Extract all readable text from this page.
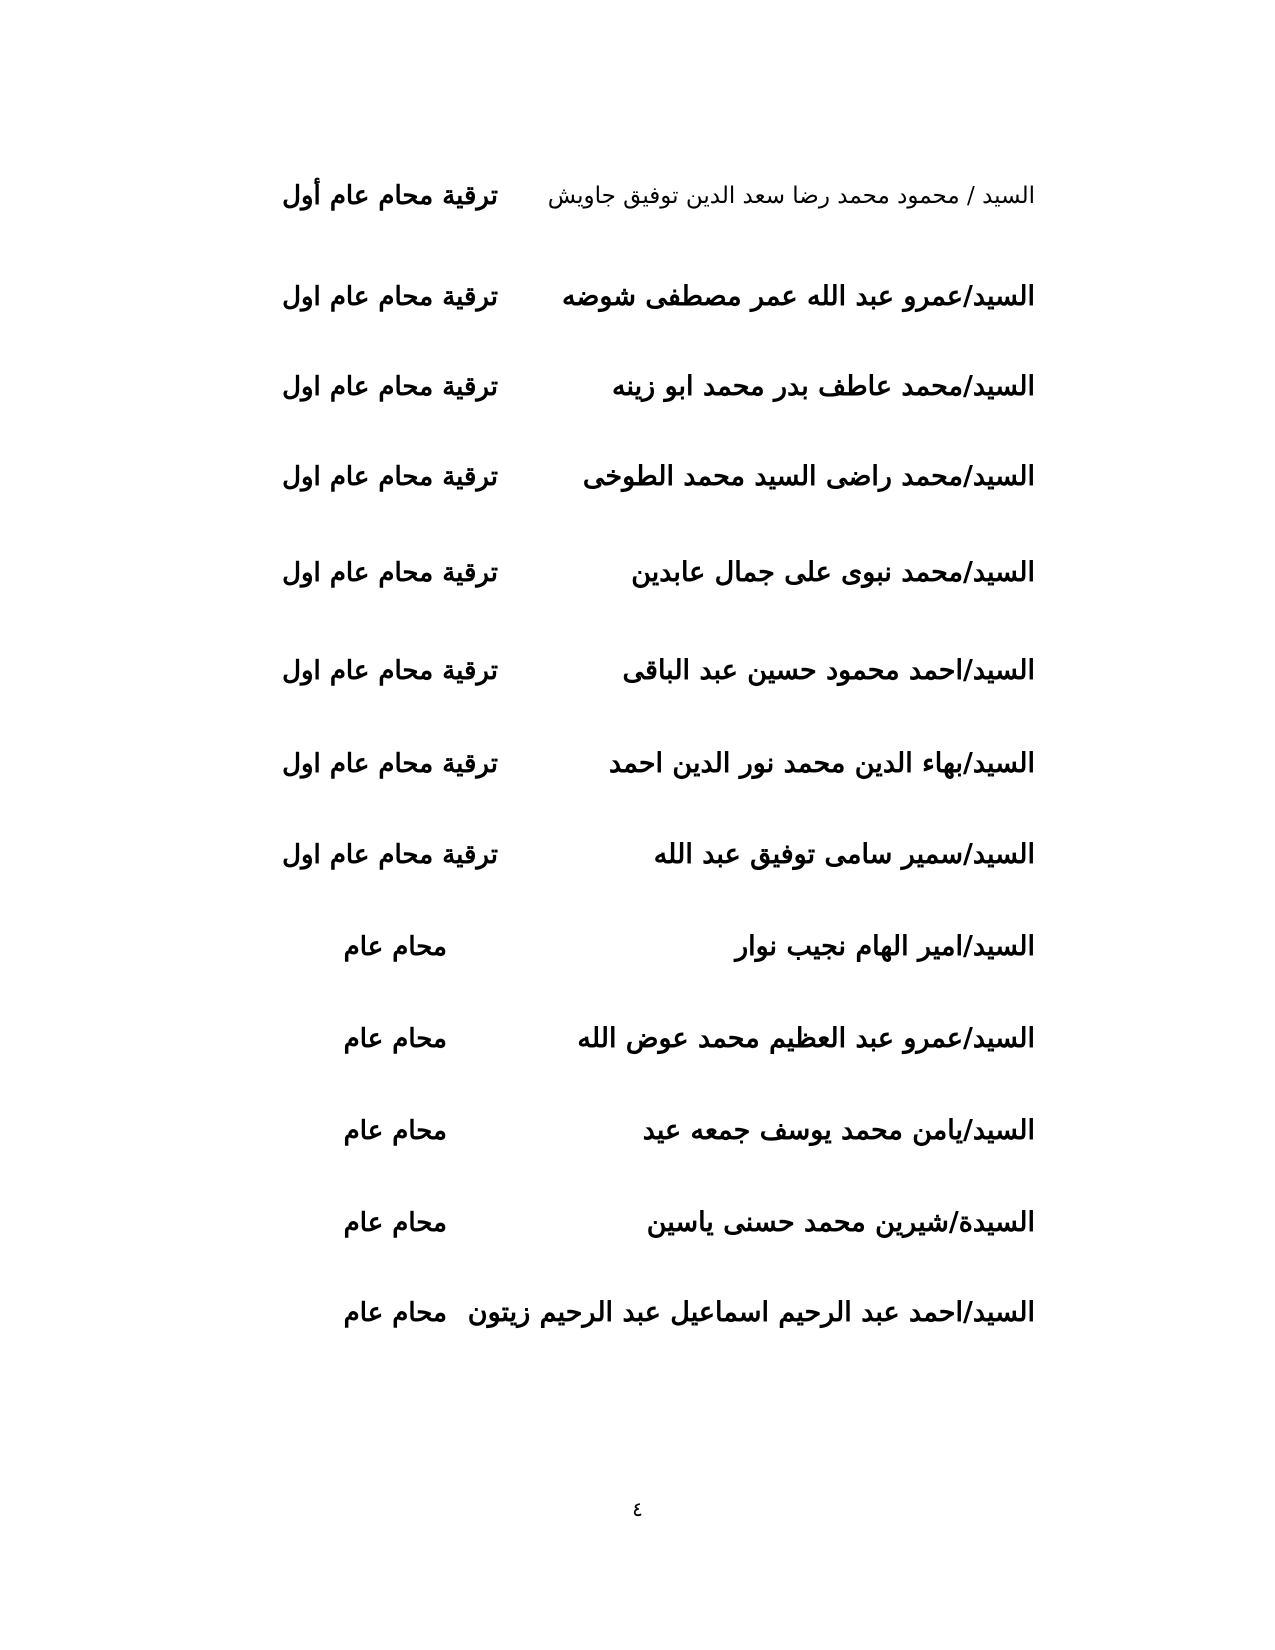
السيد / محمود محمد رضا سعد الدين توفيق جاويش
ترقية محام عام أول
السيد/عمرو عبد الله عمر مصطفى شوضه
ترقية محام عام اول
السيد/محمد عاطف بدر محمد ابو زينه
ترقية محام عام اول
السيد/محمد راضى السيد محمد الطوخى
ترقية محام عام اول
السيد/محمد نبوى على جمال عابدين
ترقية محام عام اول
السيد/احمد محمود حسين عبد الباقى
ترقية محام عام اول
السيد/بهاء الدين محمد نور الدين احمد
ترقية محام عام اول
السيد/سمير سامى توفيق عبد الله
ترقية محام عام اول
السيد/امير الهام نجيب نوار
محام عام
السيد/عمرو عبد العظيم محمد عوض الله
محام عام
السيد/يامن محمد يوسف جمعه عيد
محام عام
السيدة/شيرين محمد حسنى ياسين
محام عام
السيد/احمد عبد الرحيم اسماعيل عبد الرحيم زيتون
محام عام
٤
